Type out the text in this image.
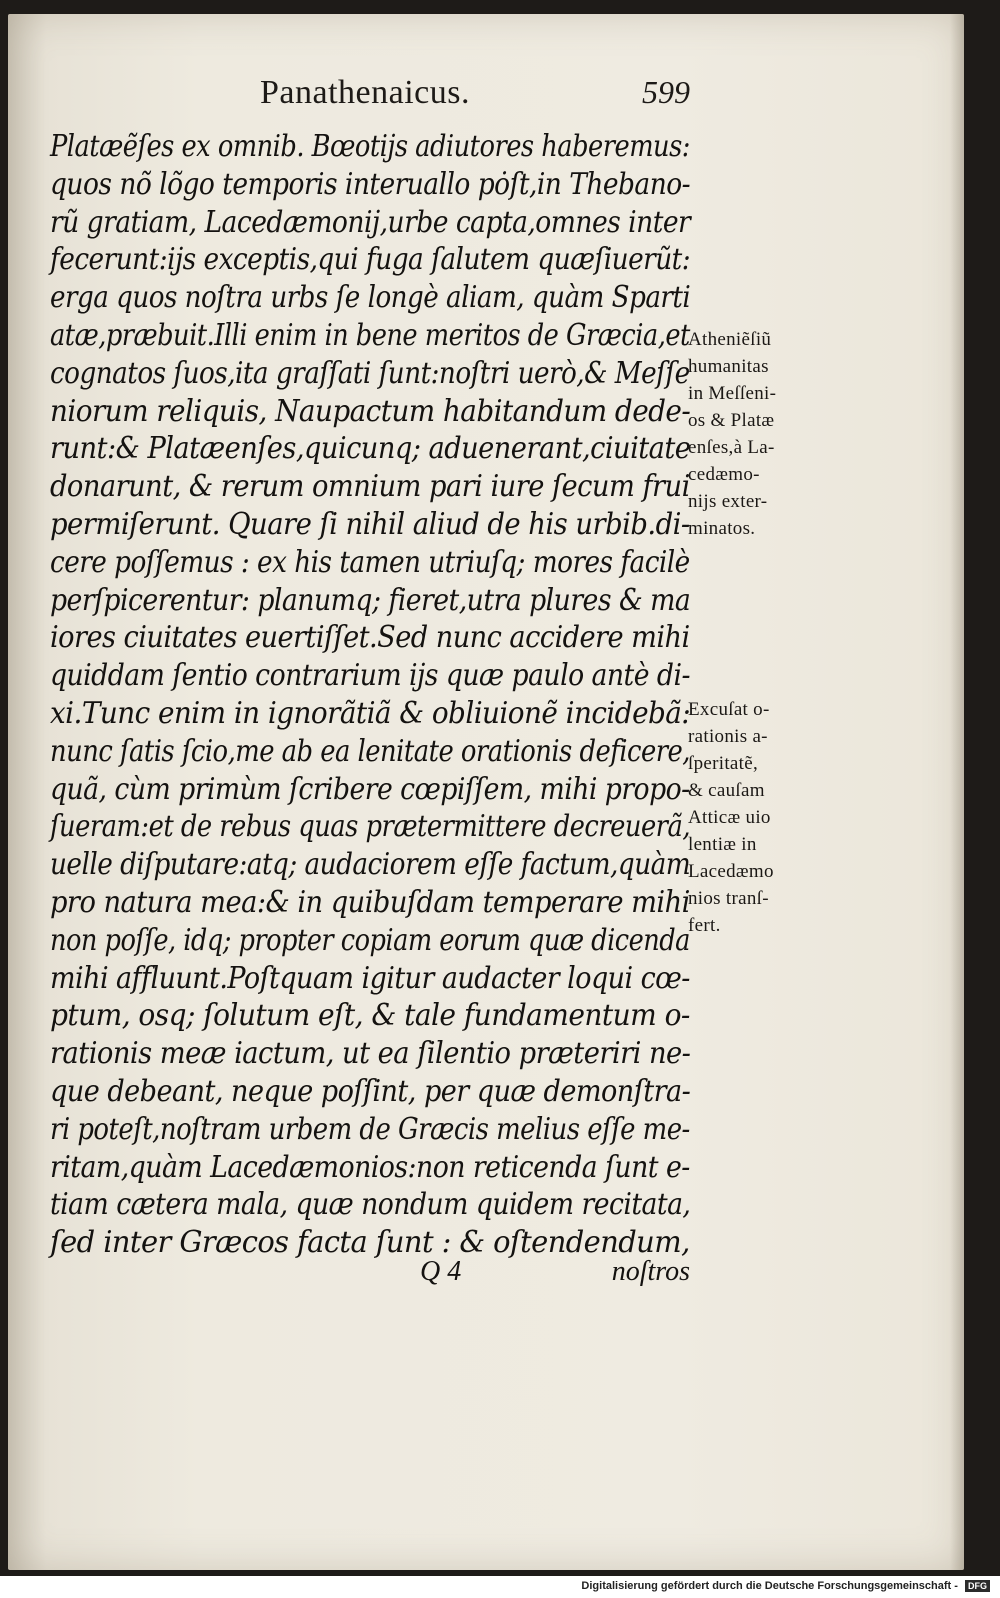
Panathenaicus.	599
Platæẽſes ex omnib. Bœotijs adiutores haberemus:
quos nõ lõgo temporis interuallo pȯſt,in Thebano-
rũ gratiam, Lacedæmonij,urbe capta,omnes inter
fecerunt:ijs exceptis,qui fuga ſalutem quæſiuerũt:
erga quos noſtra urbs ſe longè aliam, quàm Sparti
atæ,præbuit.Illi enim in bene meritos de Græcia,et
cognatos ſuos,ita graſſati ſunt:noſtri uerò,& Meſſe
niorum reliquis, Naupactum habitandum dede-
runt:& Platæenſes,quicunq; aduenerant,ciuitate
donarunt, & rerum omnium pari iure ſecum frui
permiſerunt. Quare ſi nihil aliud de his urbib.di-
cere poſſemus : ex his tamen utriuſq; mores facilè
perſpicerentur: planumq; fieret,utra plures & ma
iores ciuitates euertiſſet.Sed nunc accidere mihi
quiddam ſentio contrarium ijs quæ paulo antè di-
xi.Tunc enim in ignorãtiã & obliuionẽ incidebã:
nunc ſatis ſcio,me ab ea lenitate orationis deficere,
quã, cùm primùm ſcribere cœpiſſem, mihi propo-
ſueram:et de rebus quas prætermittere decreuerã,
uelle diſputare:atq; audaciorem eſſe factum,quàm
pro natura mea:& in quibuſdam temperare mihi
non poſſe, idq; propter copiam eorum quæ dicenda
mihi affluunt.Poſtquam igitur audacter loqui cœ-
ptum, osq; ſolutum eſt, & tale fundamentum o-
rationis meæ iactum, ut ea ſilentio præteriri ne-
que debeant, neque poſſint, per quæ demonſtra-
ri poteſt,noſtram urbem de Græcis melius eſſe me-
ritam,quàm Lacedæmonios:non reticenda ſunt e-
tiam cætera mala, quæ nondum quidem recitata,
ſed inter Græcos facta ſunt : & oſtendendum,
Atheniẽſiũ
humanitas
in Meſſeni-
os & Platæ
enſes,à La-
cedæmo-
nijs exter-
minatos.
Excuſat o-
rationis a-
ſperitatẽ,
& cauſam
Atticæ uio
lentiæ in
Lacedæmo
nios tranſ-
fert.
Q 4	noſtros
Digitalisierung gefördert durch die Deutsche Forschungsgemeinschaft - DFG
